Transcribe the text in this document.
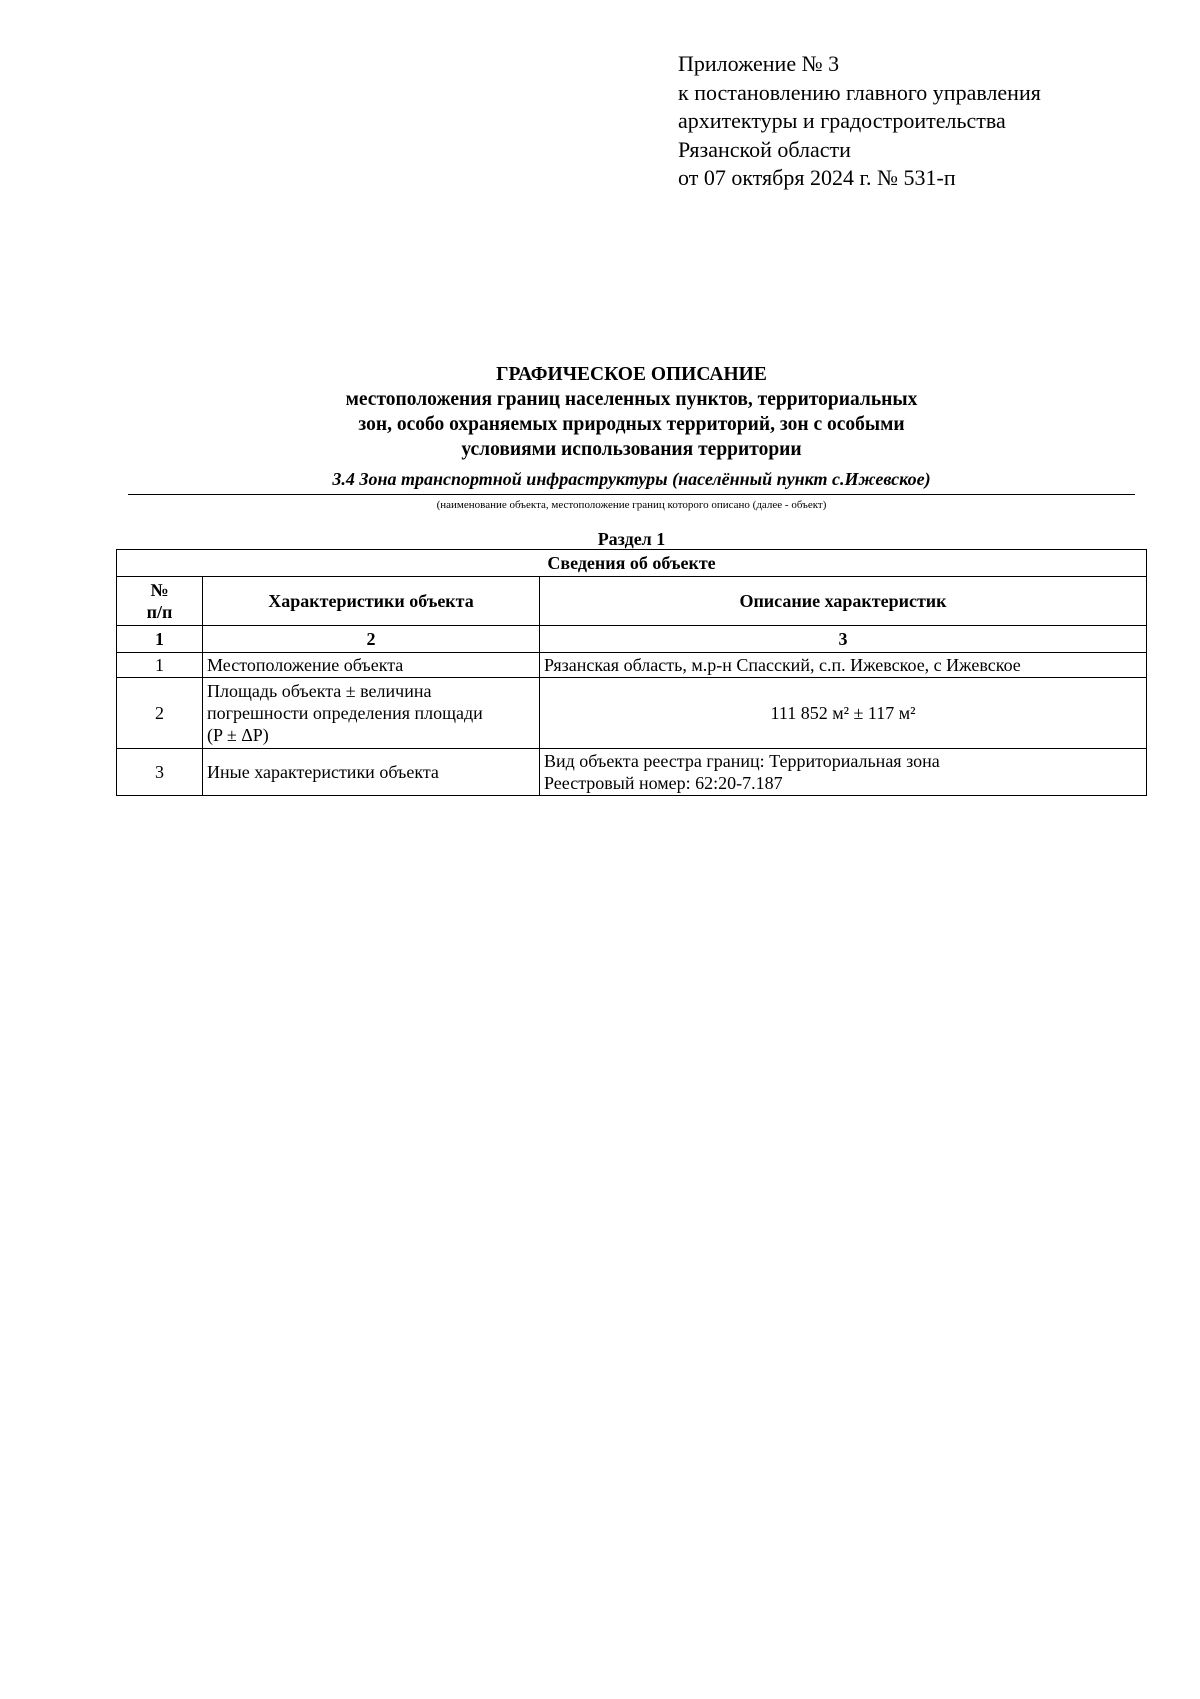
Приложение № 3
к постановлению главного управления
архитектуры и градостроительства
Рязанской области
от 07 октября 2024 г. № 531-п
ГРАФИЧЕСКОЕ ОПИСАНИЕ
местоположения границ населенных пунктов, территориальных
зон, особо охраняемых природных территорий, зон с особыми
условиями использования территории
3.4 Зона транспортной инфраструктуры (населённый пункт с.Ижевское)
(наименование объекта, местоположение границ которого описано (далее - объект)
Раздел 1
Сведения об объекте		

№
п/п	Характеристики объекта	Описание характеристик
1	2	3
1	Местоположение объекта	Рязанская область, м.р-н Спасский, с.п. Ижевское, с Ижевское
2	Площадь объекта ± величина
погрешности определения площади
(P ± ΔP)	111 852 м² ± 117 м²
3	Иные характеристики объекта	Вид объекта реестра границ: Территориальная зона
Реестровый номер: 62:20-7.187
